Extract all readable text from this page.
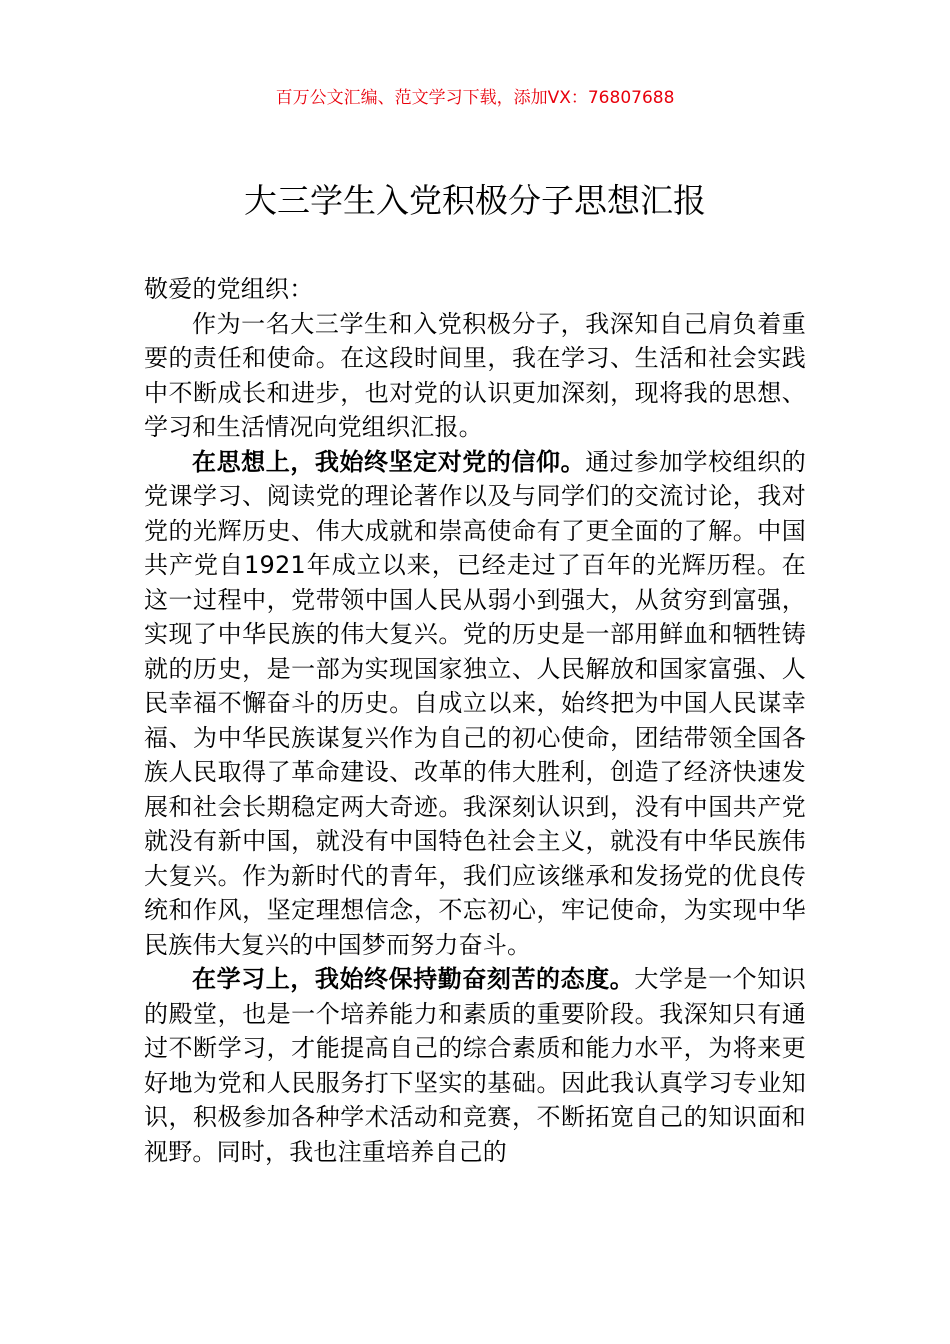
百万公文汇编、范文学习下载，添加VX：76807688
大三学生入党积极分子思想汇报

敬爱的党组织：

作为一名大三学生和入党积极分子，我深知自己肩负着重要的责任和使命。在这段时间里，我在学习、生活和社会实践中不断成长和进步，也对党的认识更加深刻，现将我的思想、学习和生活情况向党组织汇报。

在思想上，我始终坚定对党的信仰。通过参加学校组织的党课学习、阅读党的理论著作以及与同学们的交流讨论，我对党的光辉历史、伟大成就和崇高使命有了更全面的了解。中国共产党自1921年成立以来，已经走过了百年的光辉历程。在这一过程中，党带领中国人民从弱小到强大，从贫穷到富强，实现了中华民族的伟大复兴。党的历史是一部用鲜血和牺牲铸就的历史，是一部为实现国家独立、人民解放和国家富强、人民幸福不懈奋斗的历史。自成立以来，始终把为中国人民谋幸福、为中华民族谋复兴作为自己的初心使命，团结带领全国各族人民取得了革命建设、改革的伟大胜利，创造了经济快速发展和社会长期稳定两大奇迹。我深刻认识到，没有中国共产党就没有新中国，就没有中国特色社会主义，就没有中华民族伟大复兴。作为新时代的青年，我们应该继承和发扬党的优良传统和作风，坚定理想信念，不忘初心，牢记使命，为实现中华民族伟大复兴的中国梦而努力奋斗。

在学习上，我始终保持勤奋刻苦的态度。大学是一个知识的殿堂，也是一个培养能力和素质的重要阶段。我深知只有通过不断学习，才能提高自己的综合素质和能力水平，为将来更好地为党和人民服务打下坚实的基础。因此我认真学习专业知识，积极参加各种学术活动和竞赛，不断拓宽自己的知识面和视野。同时，我也注重培养自己的
